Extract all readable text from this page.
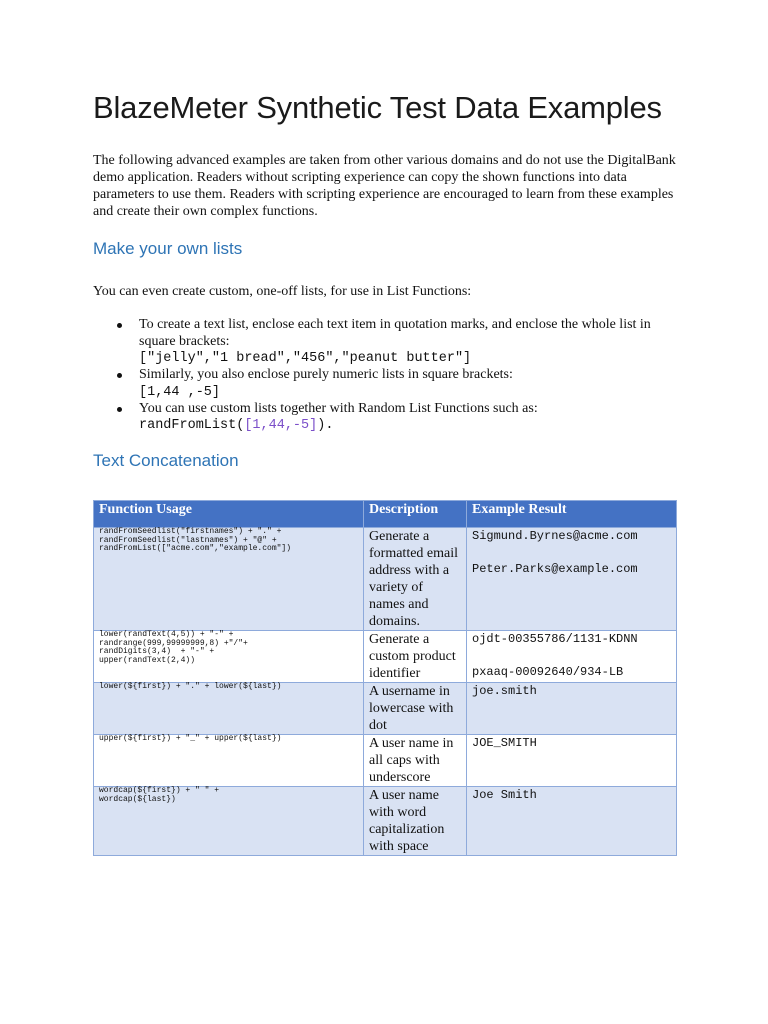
BlazeMeter Synthetic Test Data Examples

The following advanced examples are taken from other various domains and do not use the DigitalBank demo application. Readers without scripting experience can copy the shown functions into data parameters to use them. Readers with scripting experience are encouraged to learn from these examples and create their own complex functions.

Make your own lists

You can even create custom, one-off lists, for use in List Functions:

To create a text list, enclose each text item in quotation marks, and enclose the whole list in square brackets:
["jelly","1 bread","456","peanut butter"]
Similarly, you also enclose purely numeric lists in square brackets:
[1,44 ,-5]
You can use custom lists together with Random List Functions such as:
randFromList([1,44,-5]).
Text Concatenation
Function Usage	Description	Example Result
randFromSeedlist("firstnames") + "." +
randFromSeedlist("lastnames") + "@" +
randFromList(["acme.com","example.com"])	Generate a formatted email address with a variety of names and domains.	Sigmund.Byrnes@acme.com
Peter.Parks@example.com

lower(randText(4,5)) + "-" +
randrange(999,99999999,8) +"/"+
randDigits(3,4)  + "-" +
upper(randText(2,4))	Generate a custom product identifier	ojdt-00355786/1131-KDNN
pxaaq-00092640/934-LB

lower(${first}) + "." + lower(${last})	A username in lowercase with dot	joe.smith
upper(${first}) + "_" + upper(${last})	A user name in all caps with underscore	JOE_SMITH
wordcap(${first}) + " " +
wordcap(${last})	A user name with word capitalization with space	Joe Smith
